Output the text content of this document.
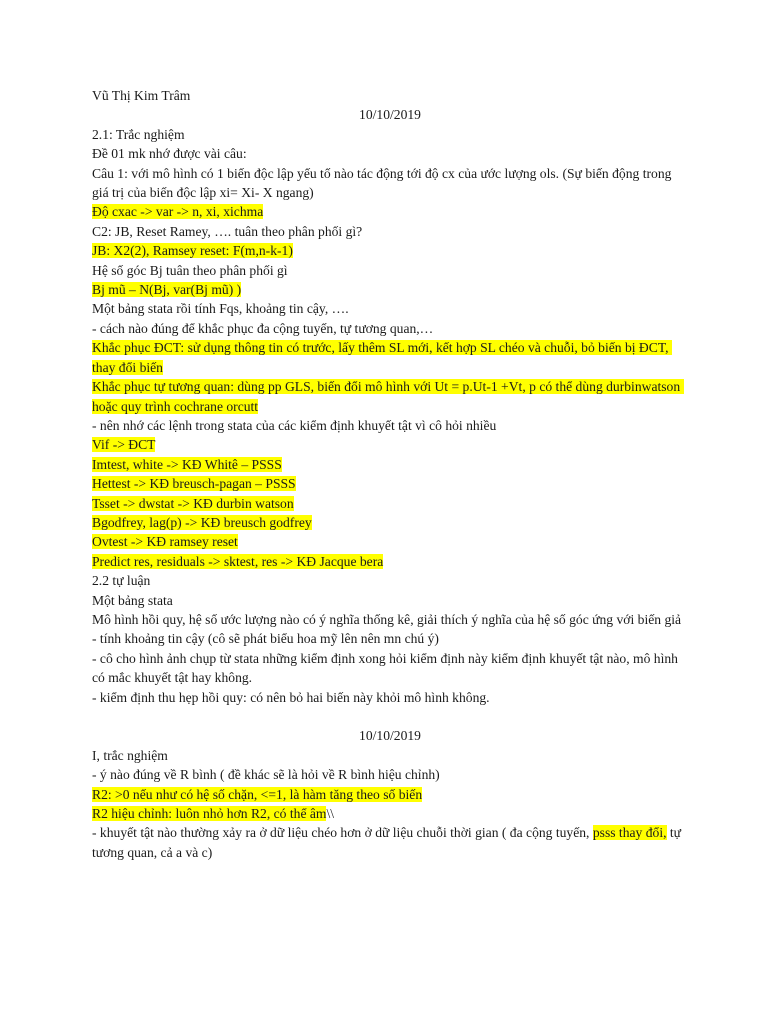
Vũ Thị Kim Trâm
10/10/2019
2.1: Trắc nghiệm
Đề 01 mk nhớ được vài câu:
Câu 1: với mô hình có 1 biến độc lập yếu tố nào tác động tới độ cx của ước lượng ols. (Sự biến động trong giá trị của biến độc lập xi= Xi- X ngang)
Độ cxac -> var -> n, xi, xichma
C2: JB, Reset Ramey, …. tuân theo phân phối gì?
JB: X2(2), Ramsey reset: F(m,n-k-1)
Hệ số góc Bj tuân theo phân phối gì
Bj mũ – N(Bj, var(Bj mũ) )
Một bảng stata rồi tính Fqs, khoảng tin cậy, ….
- cách nào đúng để khắc phục đa cộng tuyến, tự tương quan,…
Khắc phục ĐCT: sử dụng thông tin có trước, lấy thêm SL mới, kết hợp SL chéo và chuỗi, bỏ biến bị ĐCT, thay đổi biến
Khắc phục tự tương quan: dùng pp GLS, biến đổi mô hình với Ut = p.Ut-1 +Vt, p có thể dùng durbinwatson hoặc quy trình cochrane orcutt
- nên nhớ các lệnh trong stata của các kiểm định khuyết tật vì cô hỏi nhiều
Vif -> ĐCT
Imtest, white -> KĐ Whitê – PSSS
Hettest -> KĐ breusch-pagan – PSSS
Tsset -> dwstat -> KĐ durbin watson
Bgodfrey, lag(p) -> KĐ breusch godfrey
Ovtest -> KĐ ramsey reset
Predict res, residuals -> sktest, res -> KĐ Jacque bera
2.2 tự luận
Một bảng stata
Mô hình hồi quy, hệ số ước lượng nào có ý nghĩa thống kê, giải thích ý nghĩa của hệ số góc ứng với biến giả
- tính khoảng tin cậy (cô sẽ phát biểu hoa mỹ lên nên mn chú ý)
- cô cho hình ảnh chụp từ stata những kiểm định xong hỏi kiểm định này kiểm định khuyết tật nào, mô hình có mắc khuyết tật hay không.
- kiểm định thu hẹp hồi quy: có nên bỏ hai biến này khỏi mô hình không.
10/10/2019
I, trắc nghiệm
- ý nào đúng về R bình ( đề khác sẽ là hỏi về R bình hiệu chỉnh)
R2: >0 nếu như có hệ số chặn, <=1, là hàm tăng theo số biến
R2 hiệu chỉnh: luôn nhỏ hơn R2, có thể âm\\
- khuyết tật nào thường xảy ra ở dữ liệu chéo hơn ở dữ liệu chuỗi thời gian ( đa cộng tuyến, psss thay đổi, tự tương quan, cả a và c)
